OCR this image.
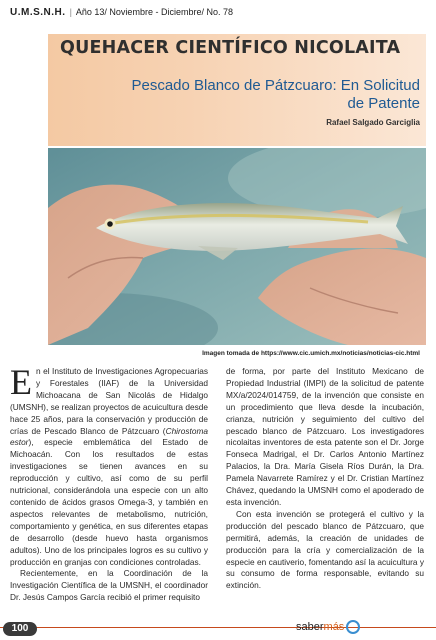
U.M.S.N.H. | Año 13/ Noviembre - Diciembre/ No. 78
QUEHACER CIENTÍFICO NICOLAITA
Pescado Blanco de Pátzcuaro: En Solicitud de Patente
Rafael Salgado Garciglia
Imagen tomada de https://www.cic.umich.mx/noticias/noticias-cic.html

En el Instituto de Investigaciones Agropecuarias y Forestales (IIAF) de la Universidad Michoacana de San Nicolás de Hidalgo (UMSNH), se realizan proyectos de acuicultura desde hace 25 años, para la conservación y producción de crías de Pescado Blanco de Pátzcuaro (Chirostoma estor), especie emblemática del Estado de Michoacán. Con los resultados de estas investigaciones se tienen avances en su reproducción y cultivo, así como de su perfil nutricional, considerándola una especie con un alto contenido de ácidos grasos Omega-3, y también en aspectos relevantes de metabolismo, nutrición, comportamiento y genética, en sus diferentes etapas de desarrollo (desde huevo hasta organismos adultos). Uno de los principales logros es su cultivo y producción en granjas con condiciones controladas.

Recientemente, en la Coordinación de la Investigación Científica de la UMSNH, el coordinador Dr. Jesús Campos García recibió el primer requisito

de forma, por parte del Instituto Mexicano de Propiedad Industrial (IMPI) de la solicitud de patente MX/a/2024/014759, de la invención que consiste en un procedimiento que lleva desde la incubación, crianza, nutrición y seguimiento del cultivo del pescado blanco de Pátzcuaro. Los investigadores nicolaitas inventores de esta patente son el Dr. Jorge Fonseca Madrigal, el Dr. Carlos Antonio Martínez Palacios, la Dra. María Gisela Ríos Durán, la Dra. Pamela Navarrete Ramírez y el Dr. Cristian Martínez Chávez, quedando la UMSNH como el apoderado de esta invención.

Con esta invención se protegerá el cultivo y la producción del pescado blanco de Pátzcuaro, que permitirá, además, la creación de unidades de producción para la cría y comercialización de la especie en cautiverio, fomentando así la acuicultura y su consumo de forma responsable, evitando su extinción.

100	sabermás
